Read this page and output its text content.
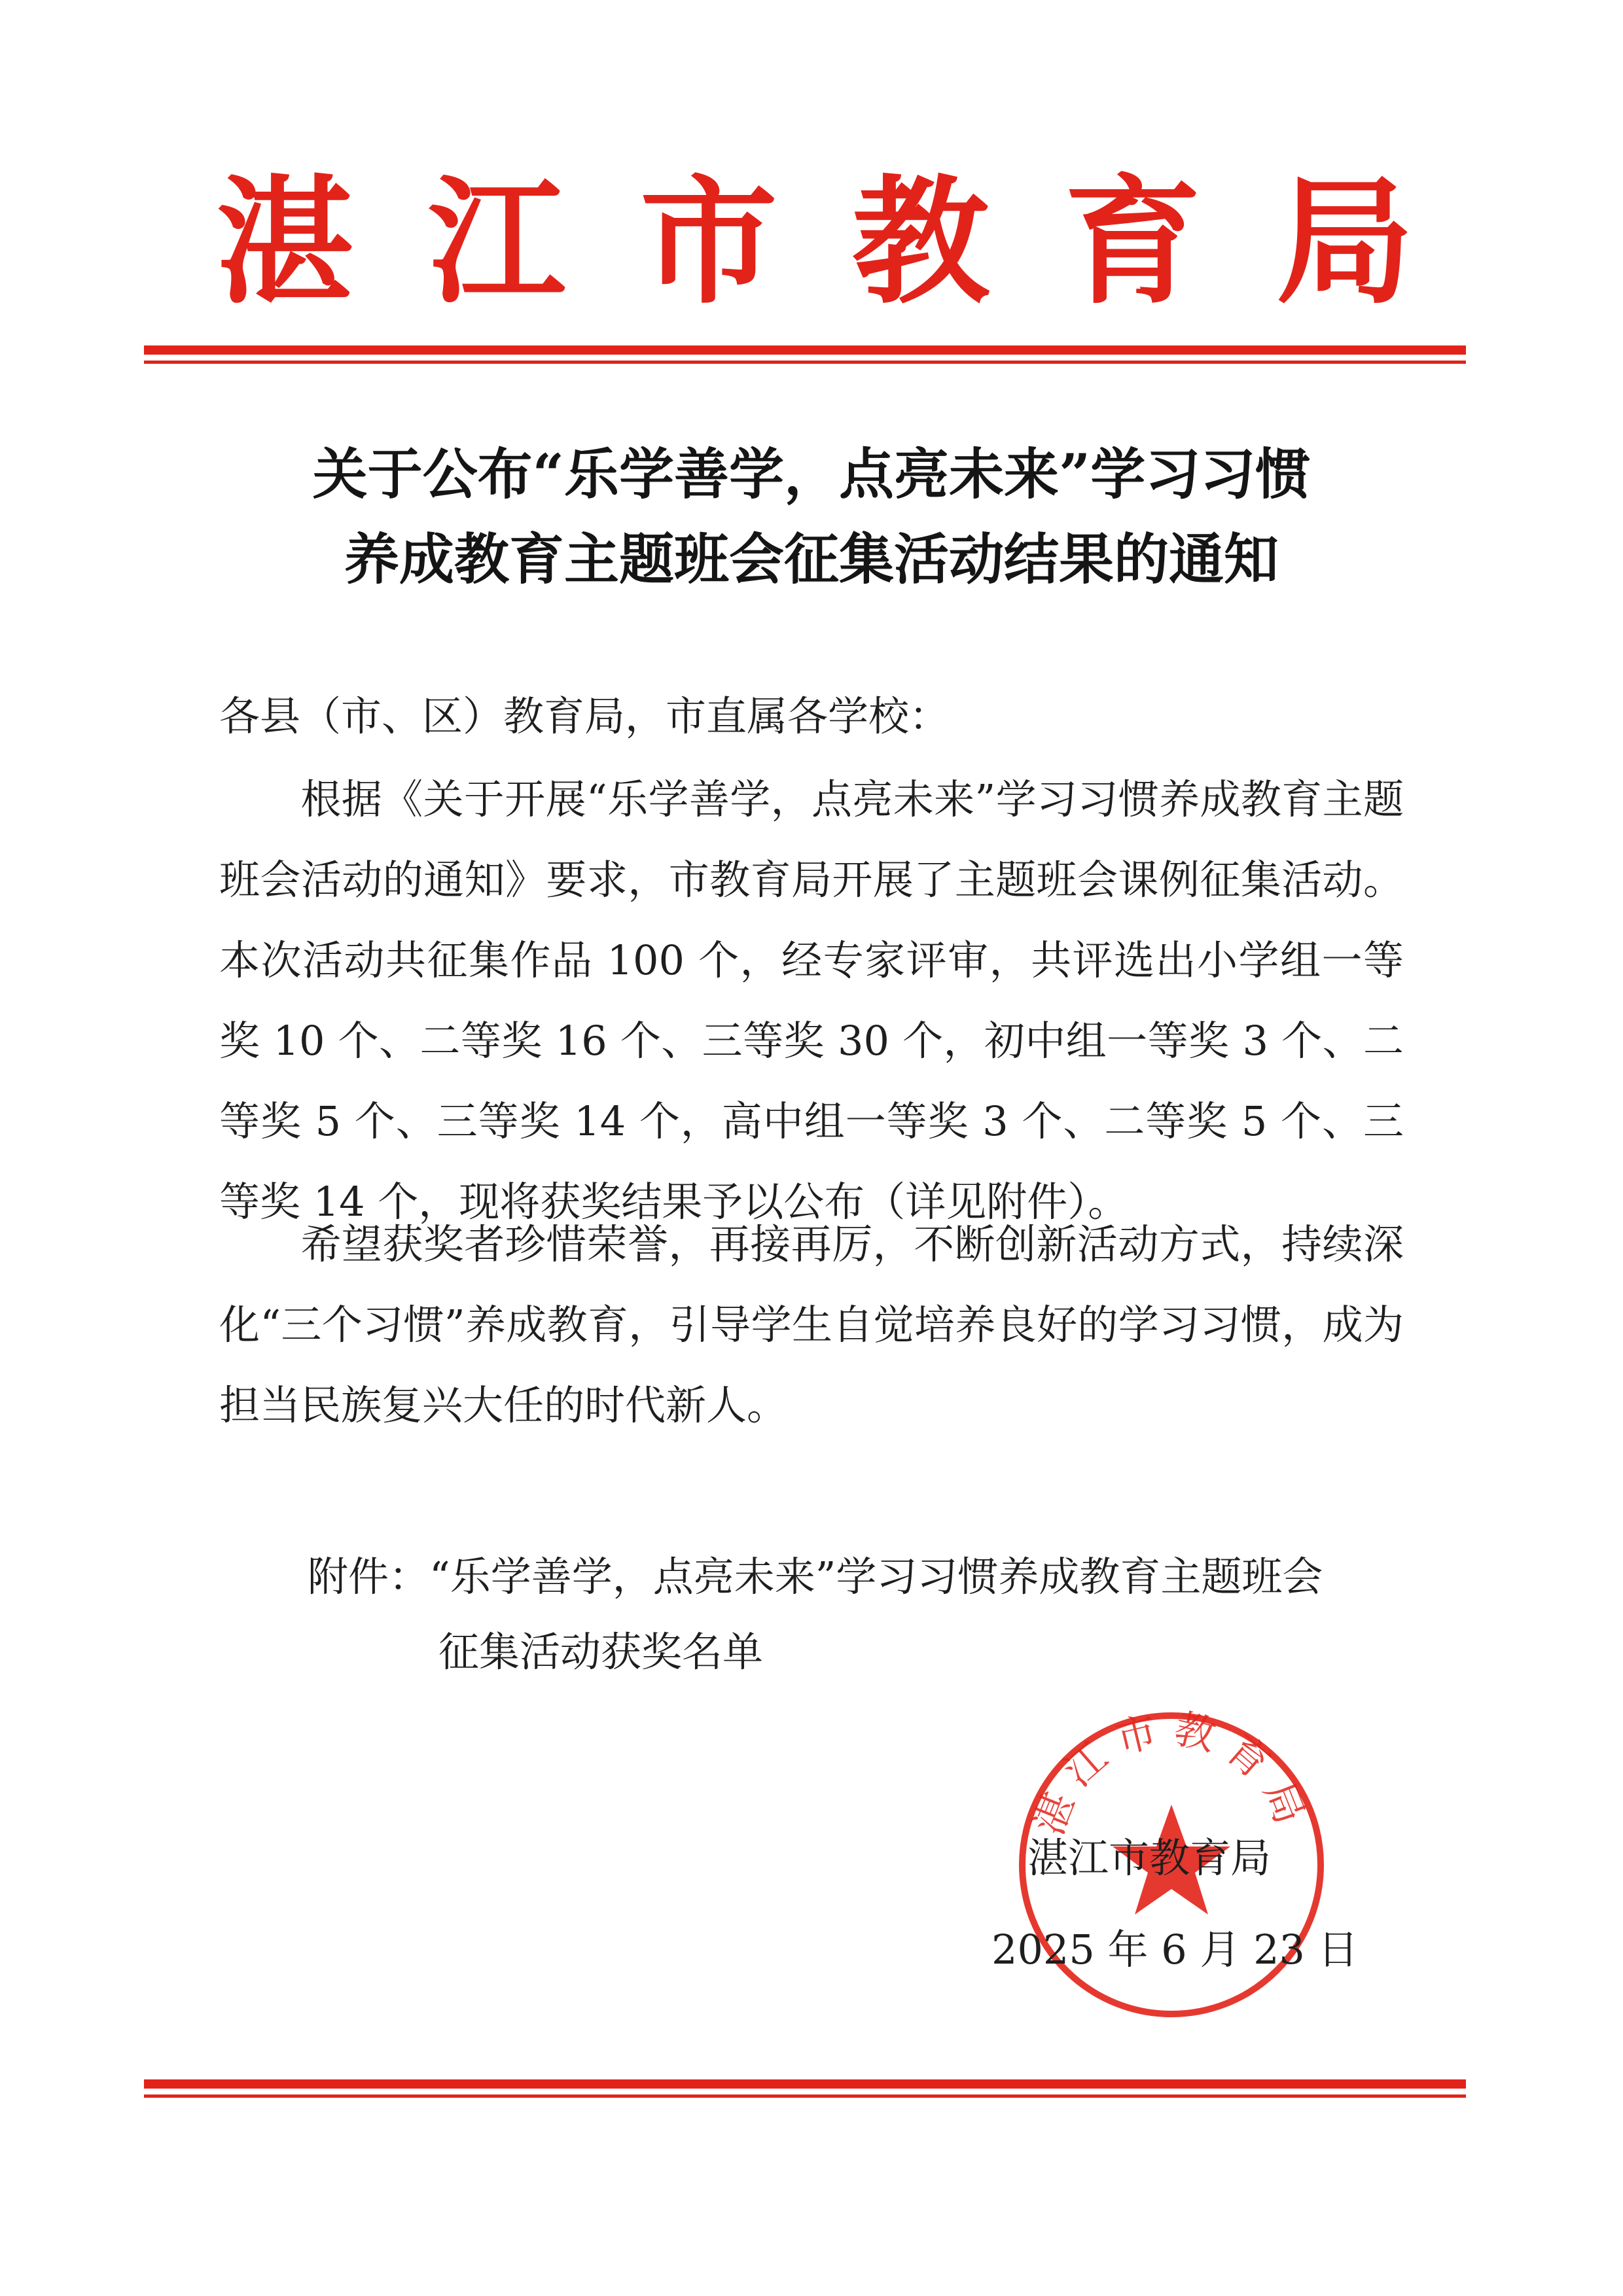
湛 江 市 教 育 局
关于公布“乐学善学，点亮未来”学习习惯
养成教育主题班会征集活动结果的通知
各县（市、区）教育局，市直属各学校：
根据《关于开展“乐学善学，点亮未来”学习习惯养成教育主题班会活动的通知》要求，市教育局开展了主题班会课例征集活动。本次活动共征集作品 100 个，经专家评审，共评选出小学组一等奖 10 个、二等奖 16 个、三等奖 30 个，初中组一等奖 3 个、二等奖 5 个、三等奖 14 个，高中组一等奖 3 个、二等奖 5 个、三等奖 14 个，现将获奖结果予以公布（详见附件）。
希望获奖者珍惜荣誉，再接再厉，不断创新活动方式，持续深化“三个习惯”养成教育，引导学生自觉培养良好的学习习惯，成为担当民族复兴大任的时代新人。
附件：“乐学善学，点亮未来”学习习惯养成教育主题班会
征集活动获奖名单
湛江市教育局
湛江市教育局
2025 年 6 月 23 日
